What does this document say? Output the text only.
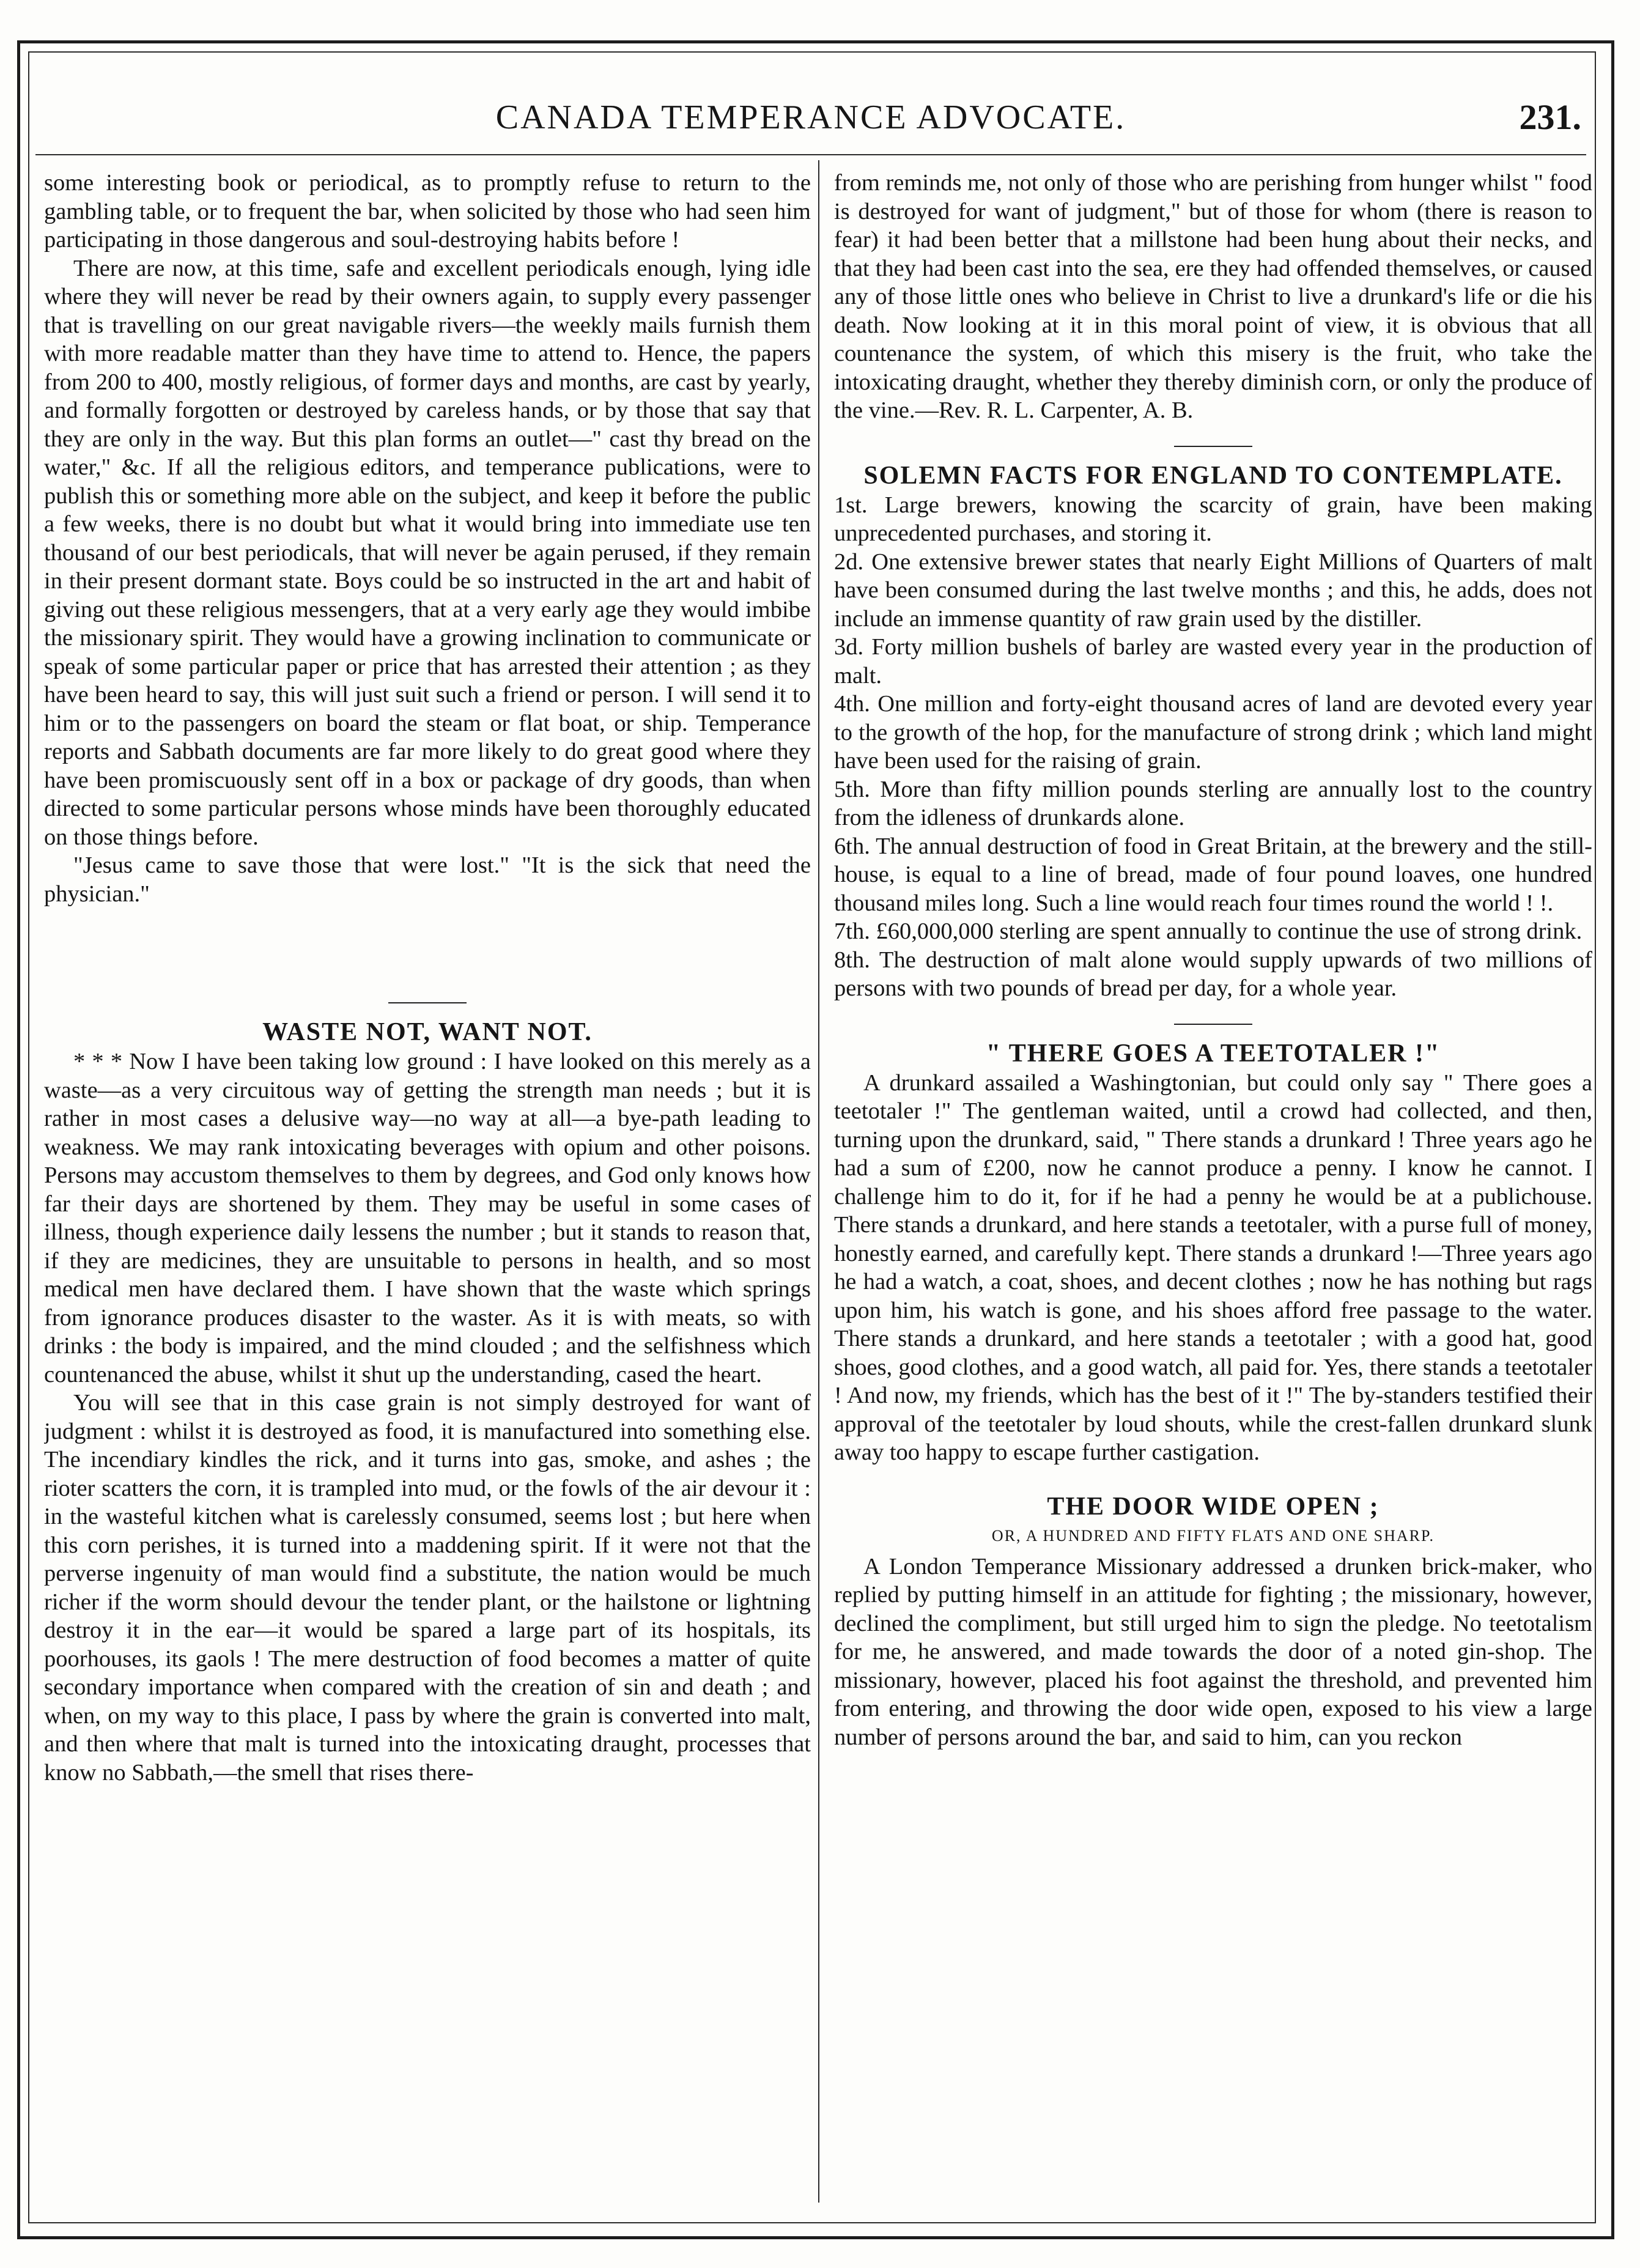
CANADA TEMPERANCE ADVOCATE.	231.

some interesting book or periodical, as to promptly refuse to return to the gambling table, or to frequent the bar, when solicited by those who had seen him participating in those dangerous and soul-destroying habits before !

There are now, at this time, safe and excellent periodicals enough, lying idle where they will never be read by their owners again, to supply every passenger that is travelling on our great navigable rivers—the weekly mails furnish them with more readable matter than they have time to attend to. Hence, the papers from 200 to 400, mostly religious, of former days and months, are cast by yearly, and formally forgotten or destroyed by careless hands, or by those that say that they are only in the way. But this plan forms an outlet—" cast thy bread on the water," &c. If all the religious editors, and temperance publications, were to publish this or something more able on the subject, and keep it before the public a few weeks, there is no doubt but what it would bring into immediate use ten thousand of our best periodicals, that will never be again perused, if they remain in their present dormant state. Boys could be so instructed in the art and habit of giving out these religious messengers, that at a very early age they would imbibe the missionary spirit. They would have a growing inclination to communicate or speak of some particular paper or price that has arrested their attention ; as they have been heard to say, this will just suit such a friend or person. I will send it to him or to the passengers on board the steam or flat boat, or ship. Temperance reports and Sabbath documents are far more likely to do great good where they have been promiscuously sent off in a box or package of dry goods, than when directed to some particular persons whose minds have been thoroughly educated on those things before.

"Jesus came to save those that were lost." "It is the sick that need the physician."

WASTE NOT, WANT NOT.

* * * Now I have been taking low ground : I have looked on this merely as a waste—as a very circuitous way of getting the strength man needs ; but it is rather in most cases a delusive way—no way at all—a bye-path leading to weakness. We may rank intoxicating beverages with opium and other poisons. Persons may accustom themselves to them by degrees, and God only knows how far their days are shortened by them. They may be useful in some cases of illness, though experience daily lessens the number ; but it stands to reason that, if they are medicines, they are unsuitable to persons in health, and so most medical men have declared them. I have shown that the waste which springs from ignorance produces disaster to the waster. As it is with meats, so with drinks : the body is impaired, and the mind clouded ; and the selfishness which countenanced the abuse, whilst it shut up the understanding, cased the heart.

You will see that in this case grain is not simply destroyed for want of judgment : whilst it is destroyed as food, it is manufactured into something else. The incendiary kindles the rick, and it turns into gas, smoke, and ashes ; the rioter scatters the corn, it is trampled into mud, or the fowls of the air devour it : in the wasteful kitchen what is carelessly consumed, seems lost ; but here when this corn perishes, it is turned into a maddening spirit. If it were not that the perverse ingenuity of man would find a substitute, the nation would be much richer if the worm should devour the tender plant, or the hailstone or lightning destroy it in the ear—it would be spared a large part of its hospitals, its poorhouses, its gaols ! The mere destruction of food becomes a matter of quite secondary importance when compared with the creation of sin and death ; and when, on my way to this place, I pass by where the grain is converted into malt, and then where that malt is turned into the intoxicating draught, processes that know no Sabbath,—the smell that rises there-

from reminds me, not only of those who are perishing from hunger whilst " food is destroyed for want of judgment," but of those for whom (there is reason to fear) it had been better that a millstone had been hung about their necks, and that they had been cast into the sea, ere they had offended themselves, or caused any of those little ones who believe in Christ to live a drunkard's life or die his death. Now looking at it in this moral point of view, it is obvious that all countenance the system, of which this misery is the fruit, who take the intoxicating draught, whether they thereby diminish corn, or only the produce of the vine.—Rev. R. L. Carpenter, A. B.

SOLEMN FACTS FOR ENGLAND TO CONTEMPLATE.

1st. Large brewers, knowing the scarcity of grain, have been making unprecedented purchases, and storing it.

2d. One extensive brewer states that nearly Eight Millions of Quarters of malt have been consumed during the last twelve months ; and this, he adds, does not include an immense quantity of raw grain used by the distiller.

3d. Forty million bushels of barley are wasted every year in the production of malt.

4th. One million and forty-eight thousand acres of land are devoted every year to the growth of the hop, for the manufacture of strong drink ; which land might have been used for the raising of grain.

5th. More than fifty million pounds sterling are annually lost to the country from the idleness of drunkards alone.

6th. The annual destruction of food in Great Britain, at the brewery and the still-house, is equal to a line of bread, made of four pound loaves, one hundred thousand miles long. Such a line would reach four times round the world ! !.

7th. £60,000,000 sterling are spent annually to continue the use of strong drink.

8th. The destruction of malt alone would supply upwards of two millions of persons with two pounds of bread per day, for a whole year.

" THERE GOES A TEETOTALER !"

A drunkard assailed a Washingtonian, but could only say " There goes a teetotaler !" The gentleman waited, until a crowd had collected, and then, turning upon the drunkard, said, " There stands a drunkard ! Three years ago he had a sum of £200, now he cannot produce a penny. I know he cannot. I challenge him to do it, for if he had a penny he would be at a publichouse. There stands a drunkard, and here stands a teetotaler, with a purse full of money, honestly earned, and carefully kept. There stands a drunkard !—Three years ago he had a watch, a coat, shoes, and decent clothes ; now he has nothing but rags upon him, his watch is gone, and his shoes afford free passage to the water. There stands a drunkard, and here stands a teetotaler ; with a good hat, good shoes, good clothes, and a good watch, all paid for. Yes, there stands a teetotaler ! And now, my friends, which has the best of it !" The by-standers testified their approval of the teetotaler by loud shouts, while the crest-fallen drunkard slunk away too happy to escape further castigation.

THE DOOR WIDE OPEN ;
OR, A HUNDRED AND FIFTY FLATS AND ONE SHARP.

A London Temperance Missionary addressed a drunken brick-maker, who replied by putting himself in an attitude for fighting ; the missionary, however, declined the compliment, but still urged him to sign the pledge. No teetotalism for me, he answered, and made towards the door of a noted gin-shop. The missionary, however, placed his foot against the threshold, and prevented him from entering, and throwing the door wide open, exposed to his view a large number of persons around the bar, and said to him, can you reckon
